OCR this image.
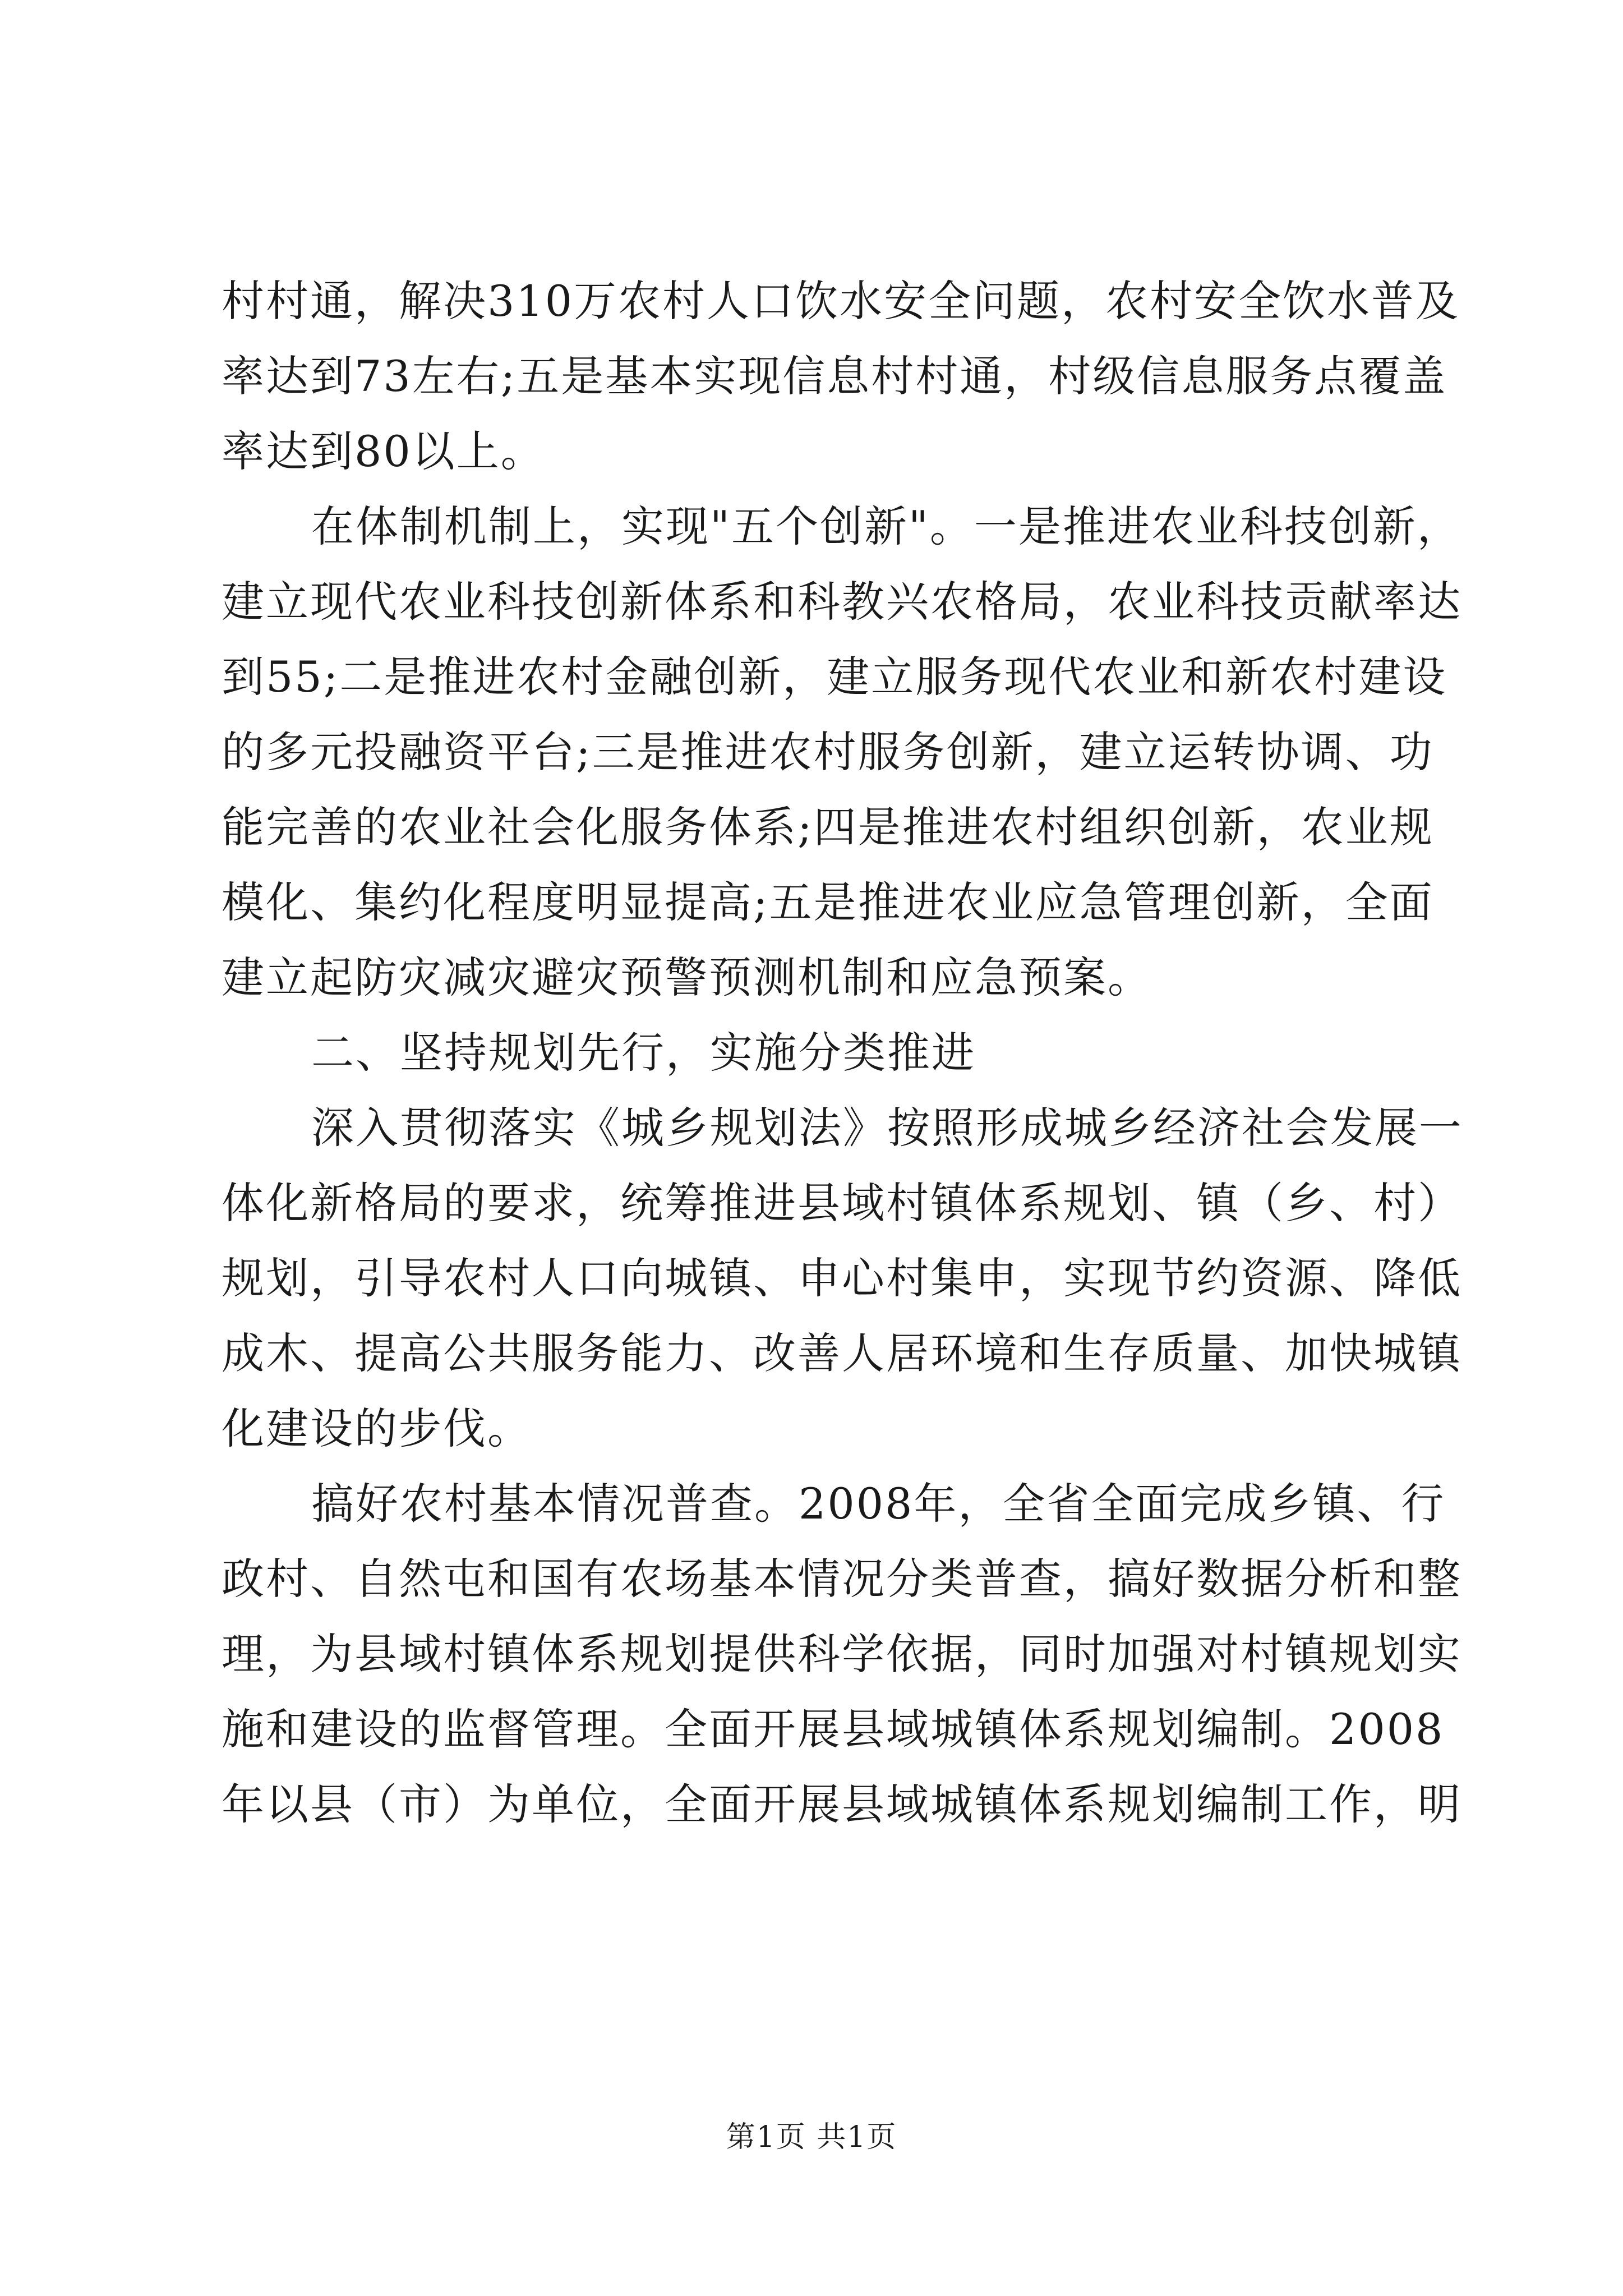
村村通，解决310万农村人口饮水安全问题，农村安全饮水普及
率达到73左右;五是基本实现信息村村通，村级信息服务点覆盖
率达到80以上。
在体制机制上，实现"五个创新"。一是推进农业科技创新，
建立现代农业科技创新体系和科教兴农格局，农业科技贡献率达
到55;二是推进农村金融创新，建立服务现代农业和新农村建设
的多元投融资平台;三是推进农村服务创新，建立运转协调、功
能完善的农业社会化服务体系;四是推进农村组织创新，农业规
模化、集约化程度明显提高;五是推进农业应急管理创新，全面
建立起防灾减灾避灾预警预测机制和应急预案。
二、坚持规划先行，实施分类推进
深入贯彻落实《城乡规划法》按照形成城乡经济社会发展一
体化新格局的要求，统筹推进县域村镇体系规划、镇（乡、村）
规划，引导农村人口向城镇、申心村集申，实现节约资源、降低
成木、提高公共服务能力、改善人居环境和生存质量、加快城镇
化建设的步伐。
搞好农村基本情况普查。2008年，全省全面完成乡镇、行
政村、自然屯和国有农场基本情况分类普查，搞好数据分析和整
理，为县域村镇体系规划提供科学依据，同时加强对村镇规划实
施和建设的监督管理。全面开展县域城镇体系规划编制。2008
年以县（市）为单位，全面开展县域城镇体系规划编制工作，明
第1页 共1页
